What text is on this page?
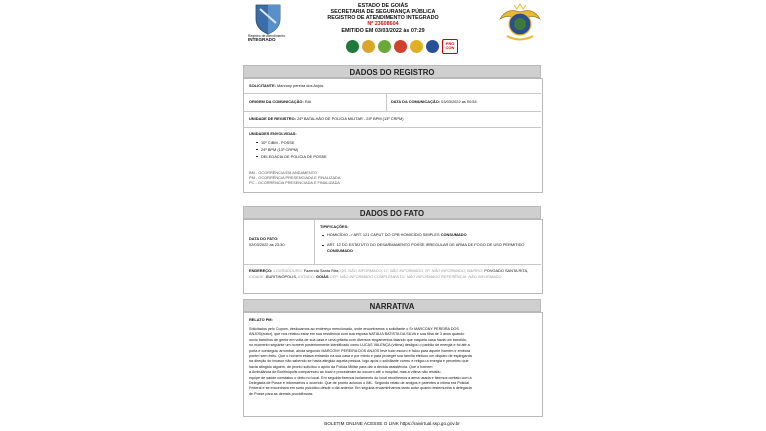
Registro de Atendimento
INTEGRADO
ESTADO DE GOIÁS
SECRETARIA DE SEGURANÇA PÚBLICA
REGISTRO DE ATENDIMENTO INTEGRADO
Nº 23608604
EMITIDO EM 03/03/2022 às 07:29
PRO
CON
DADOS DO REGISTRO
SOLICITANTE: Marcony pereira dos Anjos.
ORIGEM DA COMUNICAÇÃO: RAI	DATA DA COMUNICAÇÃO: 03/03/2022 as 00:54
UNIDADE DE REGISTRO: 24º BATALHÃO DE POLÍCIA MILITAR - 24º BPM (13º CRPM)
UNIDADES ENVOLVIDAS:
10º CIBM - POSSE
24º BPM (13º CRPM)
DELEGACIA DE POLÍCIA DE POSSE
BM - OCORRÊNCIA EM ANDAMENTO
PM - OCORRÊNCIA PRESENCIADA E FINALIZADA
PC - OCORRÊNCIA PRESENCIADA E FINALIZADA
DADOS DO FATO
DATA DO FATO:
02/03/2022 as 23:30
TIPIFICAÇÕES:
HOMICÍDIO -> ART. 121 CAPUT DO CPB HOMICÍDIO SIMPLES CONSUMADO
ART. 12 DO ESTATUTO DO DESARMAMENTO POSSE IRREGULAR DE ARMA DE FOGO DE USO PERMITIDO CONSUMADO
ENDEREÇO: LOGRADOURO: Fazenda Santa Rita, QD. NÃO INFORMADO, LT. NÃO INFORMADO, Nº. NÃO INFORMADO, BAIRRO: POVOADO SANTA RITA, CIDADE: BURITINÓPOLIS, ESTADO: GOIÁS CEP: NÃO INFORMADO COMPLEMENTO: NÃO INFORMADO REFERÊNCIA: NÃO INFORMADO
NARRATIVA
RELATO PM:
Solicitados pelo Copom, deslocamos ao endereço mencionado, onde encontramos o solicitante o Sr MARCONY PEREIRA DOS
ANJOS(autor), que nos relatou estar em sua residência com sua esposa NATÁLIA BATISTA DA SILVA e sua filha de 3 anos quando
ouviu barulhos de gente em volta de sua casa e uma gritaria com diversos xingamentos falando que naquela casa havia um bandido,
no momento seguinte um homem posteriormente identificado como LUCAS VALENÇA (vítima) desligou o padrão de energia e foi até a
porta e conseguiu arrombar, ainda segundo MARCONY PEREIRA DOS ANJOS teve tudo escuro e falou para aquele homem ir embora
porém sem êxito. Que o homem estava entrando na sua casa e por medo e para proteger sua família efetuou um disparo de espingarda
na direção do invasor não sabendo se havia atingido aquela pessoa, logo após o solicitante correu e religou a energia e percebeu que
havia atingido alguém, de pronto solicitou o apoio da Polícia Militar para dar a devida assistência. Que o homem
a Ambulância de Buritinópolis compareceu ao local e procederam ao socorro até o hospital, mas a vítima não resistiu.
equipe de saúde constatou o óbito no local. Em seguida fizemos isolamento do local recolhemos a arma usada e fizemos contato com a
Delegacia de Posse e informamos o ocorrido. Que de pronto acionou o IML. Segundo relato de amigos e parentes a vítima era Policial
Federal e se encontrava em surto psicótico desde o dia anterior. Em seguida encaminhamos tanto autor quanto testemunha à delegacia
de Posse para as demais providências.
BOLETIM ONLINE ACESSE O LINK https://raivirtual.ssp.go.gov.br
